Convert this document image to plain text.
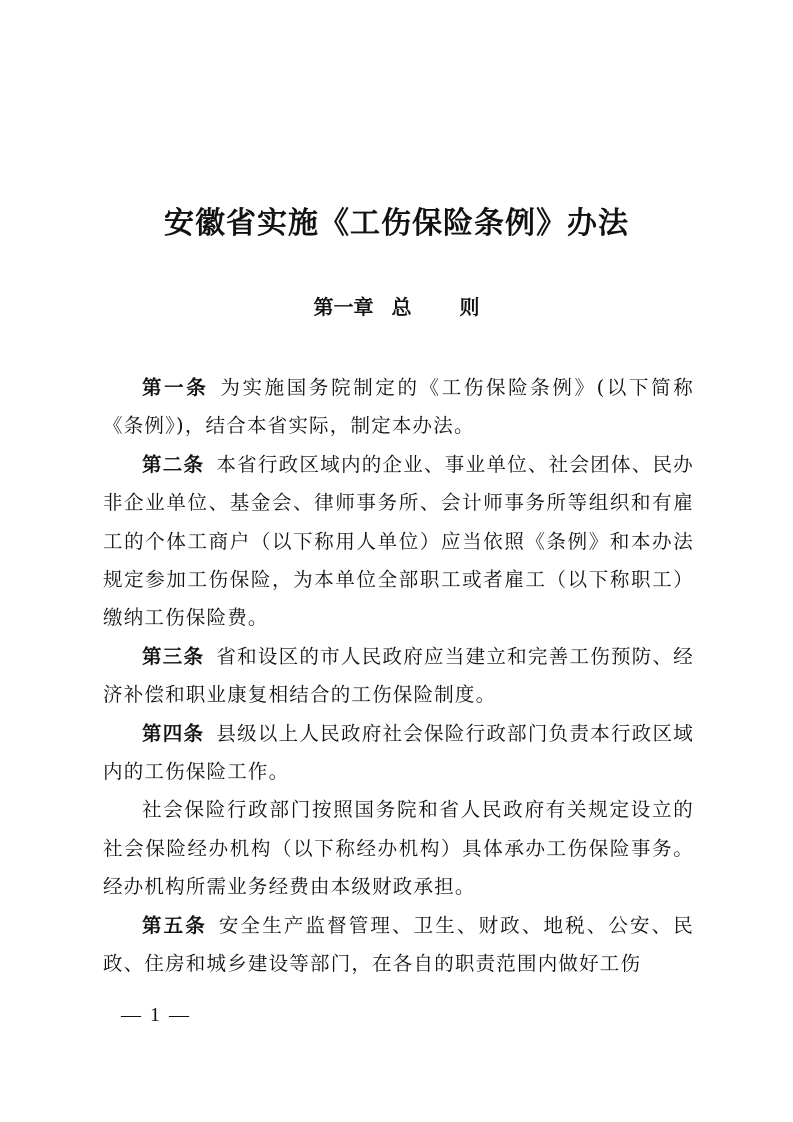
安徽省实施《工伤保险条例》办法
第一章 总 则

第一条 为实施国务院制定的《工伤保险条例》(以下简称《条例》)，结合本省实际，制定本办法。

第二条 本省行政区域内的企业、事业单位、社会团体、民办非企业单位、基金会、律师事务所、会计师事务所等组织和有雇工的个体工商户（以下称用人单位）应当依照《条例》和本办法规定参加工伤保险，为本单位全部职工或者雇工（以下称职工）缴纳工伤保险费。

第三条 省和设区的市人民政府应当建立和完善工伤预防、经济补偿和职业康复相结合的工伤保险制度。

第四条 县级以上人民政府社会保险行政部门负责本行政区域内的工伤保险工作。

社会保险行政部门按照国务院和省人民政府有关规定设立的社会保险经办机构（以下称经办机构）具体承办工伤保险事务。经办机构所需业务经费由本级财政承担。

第五条 安全生产监督管理、卫生、财政、地税、公安、民政、住房和城乡建设等部门，在各自的职责范围内做好工伤

— 1 —
